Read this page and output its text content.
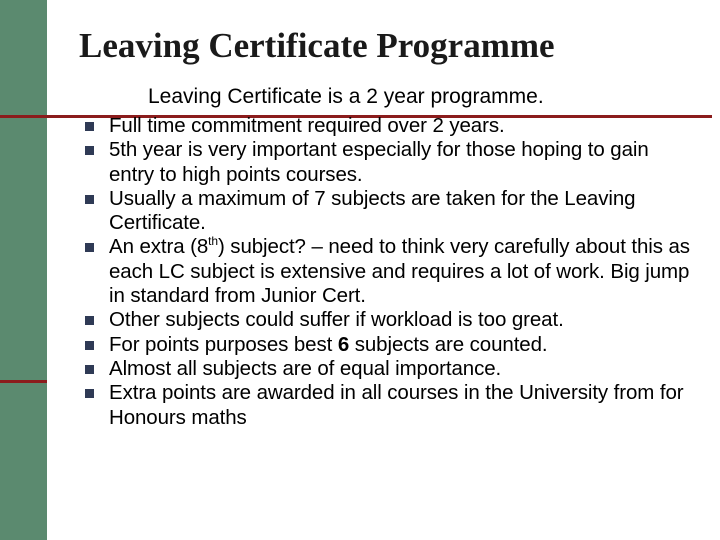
Leaving Certificate Programme

Leaving Certificate is a 2 year programme.

Full time commitment required over 2 years.
5th year is very important especially for those hoping to gain entry to high points courses.
Usually a maximum of 7 subjects are taken for the Leaving Certificate.
An extra (8th) subject? – need to think very carefully about this as each LC subject is extensive and requires a lot of work. Big jump in standard from Junior Cert.
Other subjects could suffer if workload is too great.
For points purposes best 6 subjects are counted.
Almost all subjects are of equal importance.
Extra points are awarded in all courses in the University from for Honours maths
